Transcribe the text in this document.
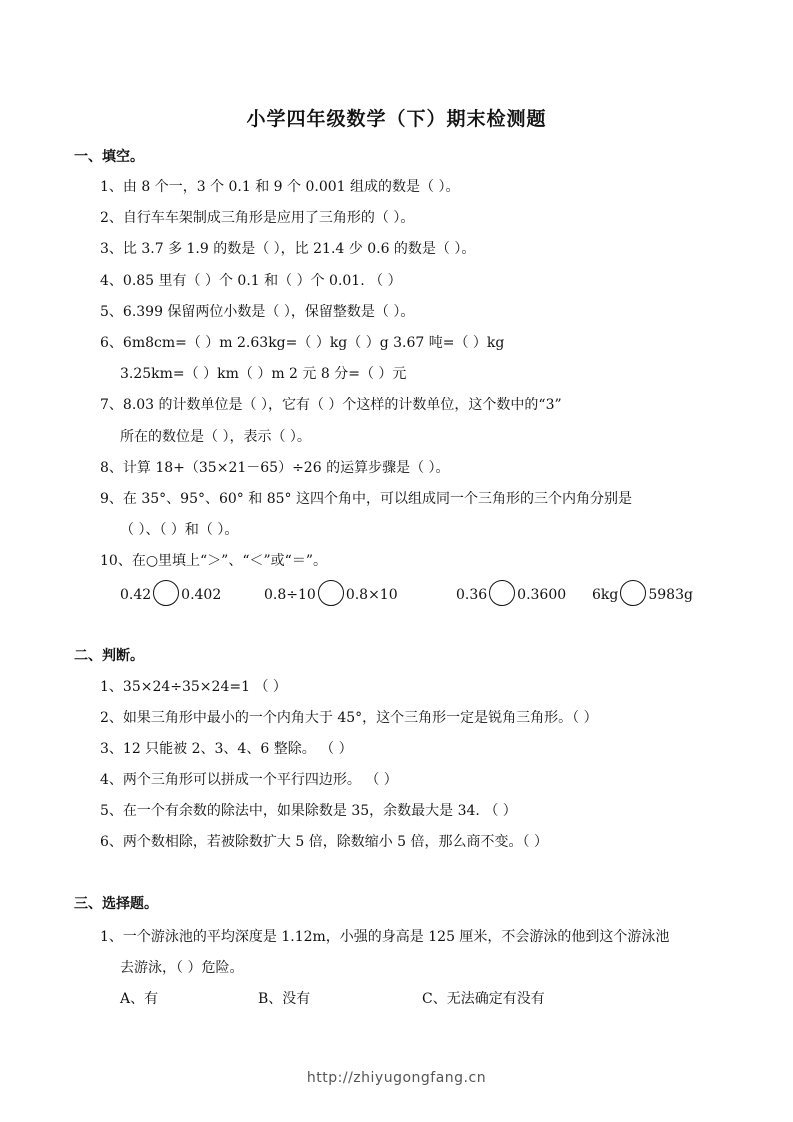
小学四年级数学（下）期末检测题
一、填空。
1、由 8 个一，3 个 0.1 和 9 个 0.001 组成的数是（ ）。
2、自行车车架制成三角形是应用了三角形的（ ）。
3、比 3.7 多 1.9 的数是（ ），比 21.4 少 0.6 的数是（ ）。
4、0.85 里有（ ）个 0.1 和（ ）个 0.01. （ ）
5、6.399 保留两位小数是（ ），保留整数是（ ）。
6、6m8cm=（ ）m 2.63kg=（ ）kg（ ）g 3.67 吨=（ ）kg
3.25km=（ ）km（ ）m 2 元 8 分=（ ）元
7、8.03 的计数单位是（ ），它有（ ）个这样的计数单位，这个数中的“3”
所在的数位是（ ），表示（ ）。
8、计算 18+（35×21－65）÷26 的运算步骤是（ ）。
9、在 35°、95°、60° 和 85° 这四个角中，可以组成同一个三角形的三个内角分别是
（ ）、（ ）和（ ）。
10、在○里填上“＞”、“＜”或“＝”。
0.42 0.402	0.8÷10 0.8×10	0.36 0.3600 6kg 5983g
二、判断。
1、35×24÷35×24=1 （ ）
2、如果三角形中最小的一个内角大于 45°，这个三角形一定是锐角三角形。（ ）
3、12 只能被 2、3、4、6 整除。 （ ）
4、两个三角形可以拼成一个平行四边形。 （ ）
5、在一个有余数的除法中，如果除数是 35，余数最大是 34. （ ）
6、两个数相除，若被除数扩大 5 倍，除数缩小 5 倍，那么商不变。（ ）
三、选择题。
1、一个游泳池的平均深度是 1.12m，小强的身高是 125 厘米，不会游泳的他到这个游泳池
去游泳，（ ）危险。
A、有	B、没有	C、无法确定有没有
http://zhiyugongfang.cn
